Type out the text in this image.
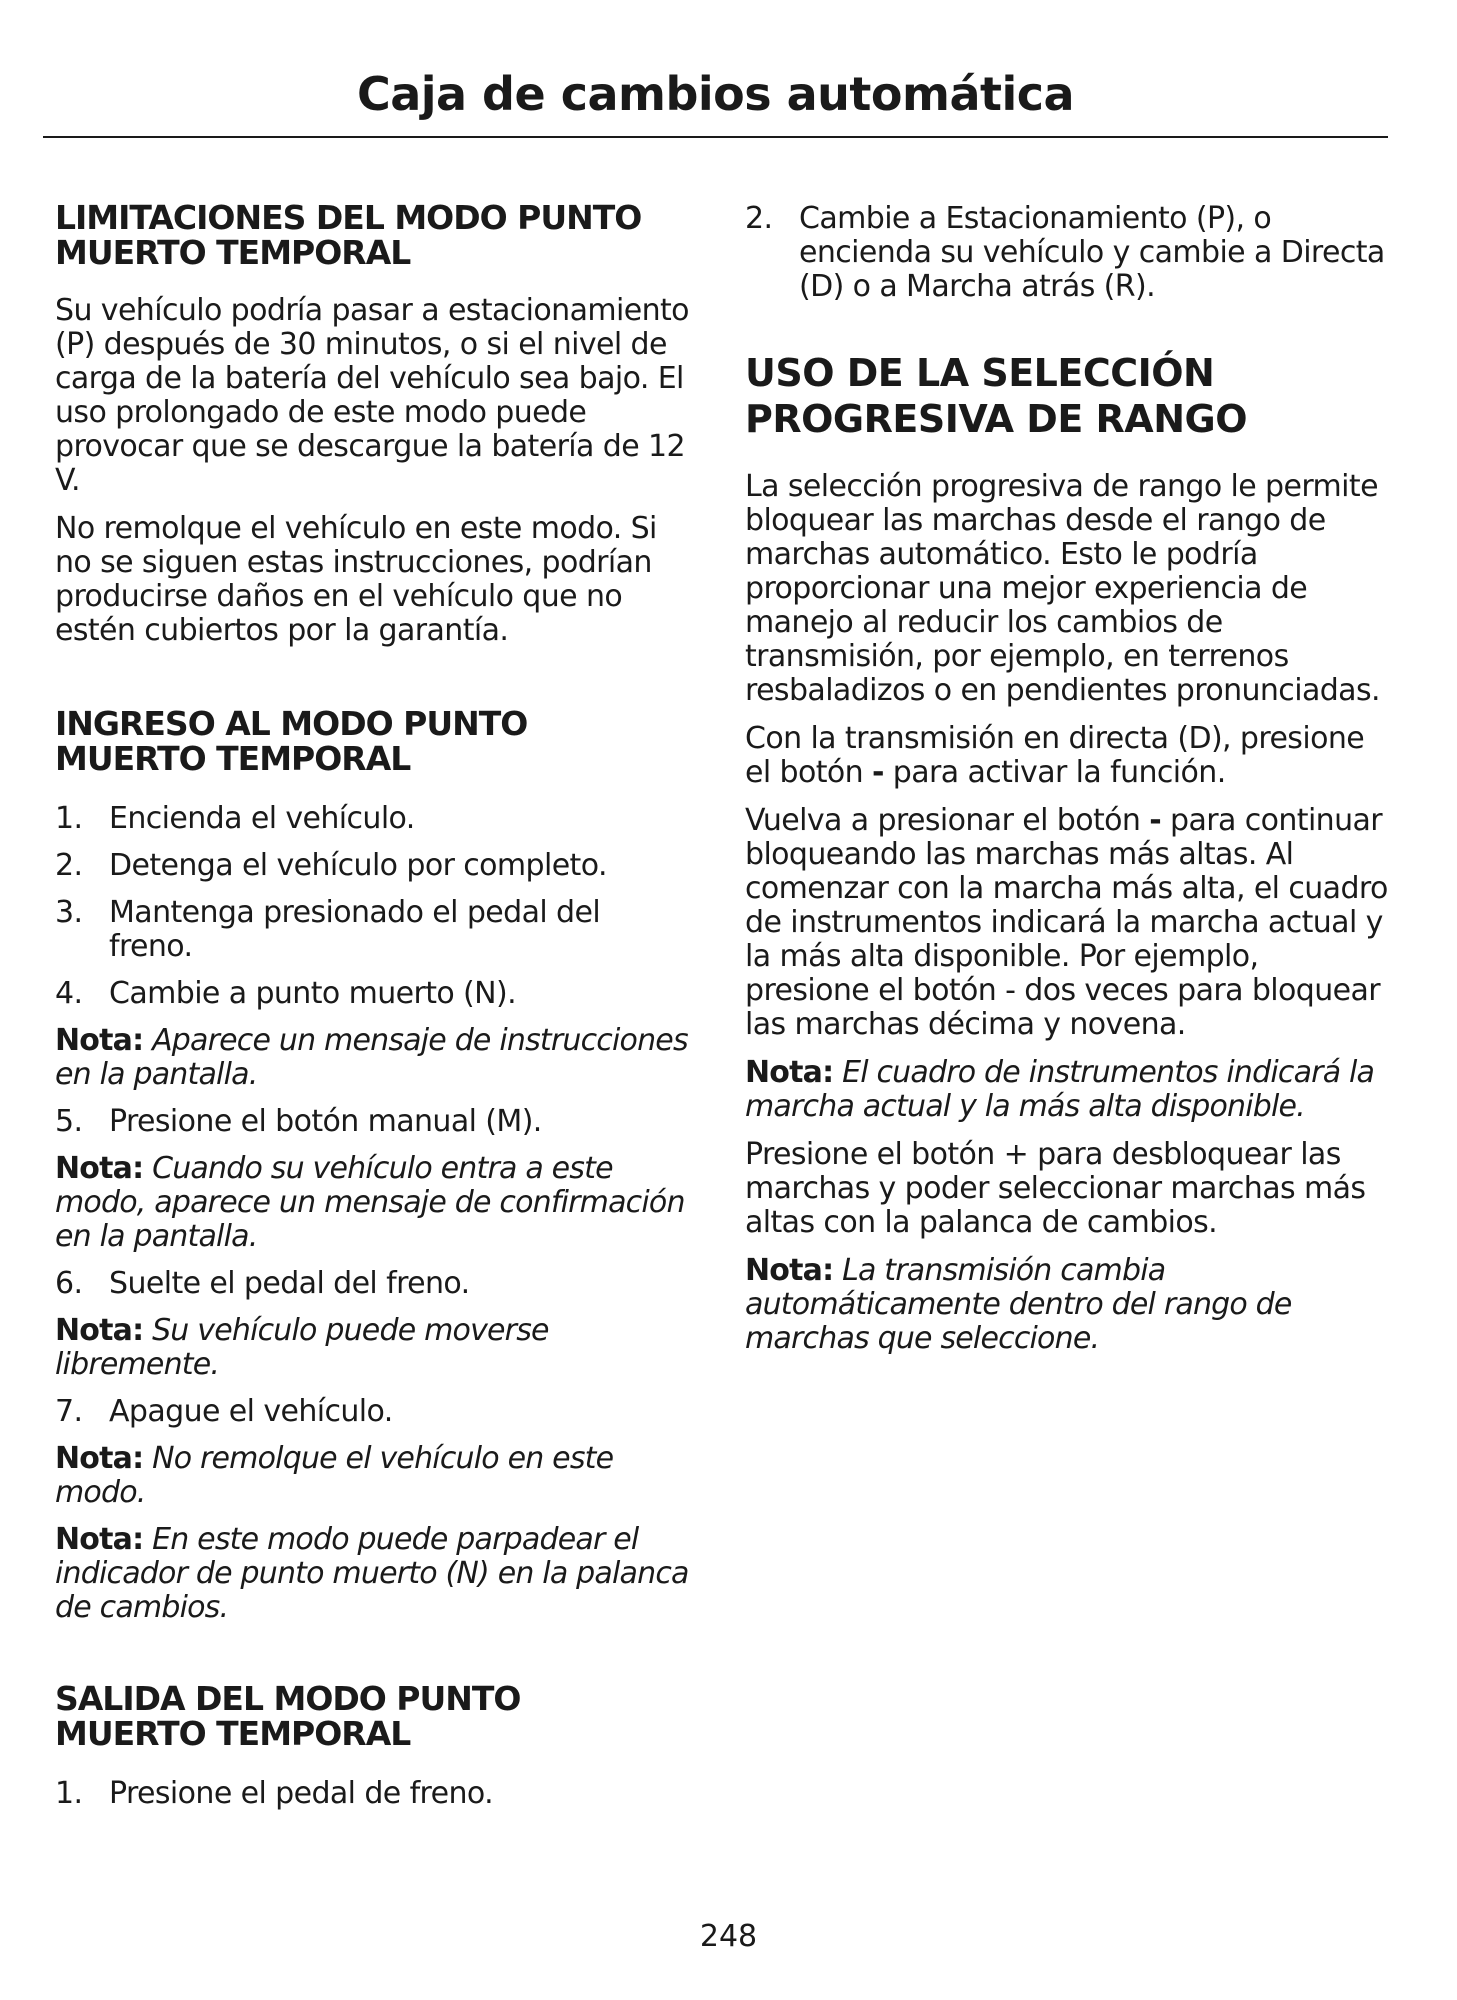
Caja de cambios automática
LIMITACIONES DEL MODO PUNTO MUERTO TEMPORAL

Su vehículo podría pasar a estacionamiento (P) después de 30 minutos, o si el nivel de carga de la batería del vehículo sea bajo. El uso prolongado de este modo puede provocar que se descargue la batería de 12 V.

No remolque el vehículo en este modo. Si no se siguen estas instrucciones, podrían producirse daños en el vehículo que no estén cubiertos por la garantía.

INGRESO AL MODO PUNTO MUERTO TEMPORAL
1. Encienda el vehículo.
2. Detenga el vehículo por completo.
3. Mantenga presionado el pedal del freno.
4. Cambie a punto muerto (N).

Nota: Aparece un mensaje de instrucciones en la pantalla.

5. Presione el botón manual (M).

Nota: Cuando su vehículo entra a este modo, aparece un mensaje de confirmación en la pantalla.

6. Suelte el pedal del freno.

Nota: Su vehículo puede moverse libremente.

7. Apague el vehículo.

Nota: No remolque el vehículo en este modo.

Nota: En este modo puede parpadear el indicador de punto muerto (N) en la palanca de cambios.

SALIDA DEL MODO PUNTO MUERTO TEMPORAL
1. Presione el pedal de freno.
2. Cambie a Estacionamiento (P), o encienda su vehículo y cambie a Directa (D) o a Marcha atrás (R).
USO DE LA SELECCIÓN PROGRESIVA DE RANGO

La selección progresiva de rango le permite bloquear las marchas desde el rango de marchas automático. Esto le podría proporcionar una mejor experiencia de manejo al reducir los cambios de transmisión, por ejemplo, en terrenos resbaladizos o en pendientes pronunciadas.

Con la transmisión en directa (D), presione el botón - para activar la función.

Vuelva a presionar el botón - para continuar bloqueando las marchas más altas. Al comenzar con la marcha más alta, el cuadro de instrumentos indicará la marcha actual y la más alta disponible. Por ejemplo, presione el botón - dos veces para bloquear las marchas décima y novena.

Nota: El cuadro de instrumentos indicará la marcha actual y la más alta disponible.

Presione el botón + para desbloquear las marchas y poder seleccionar marchas más altas con la palanca de cambios.

Nota: La transmisión cambia automáticamente dentro del rango de marchas que seleccione.

248
